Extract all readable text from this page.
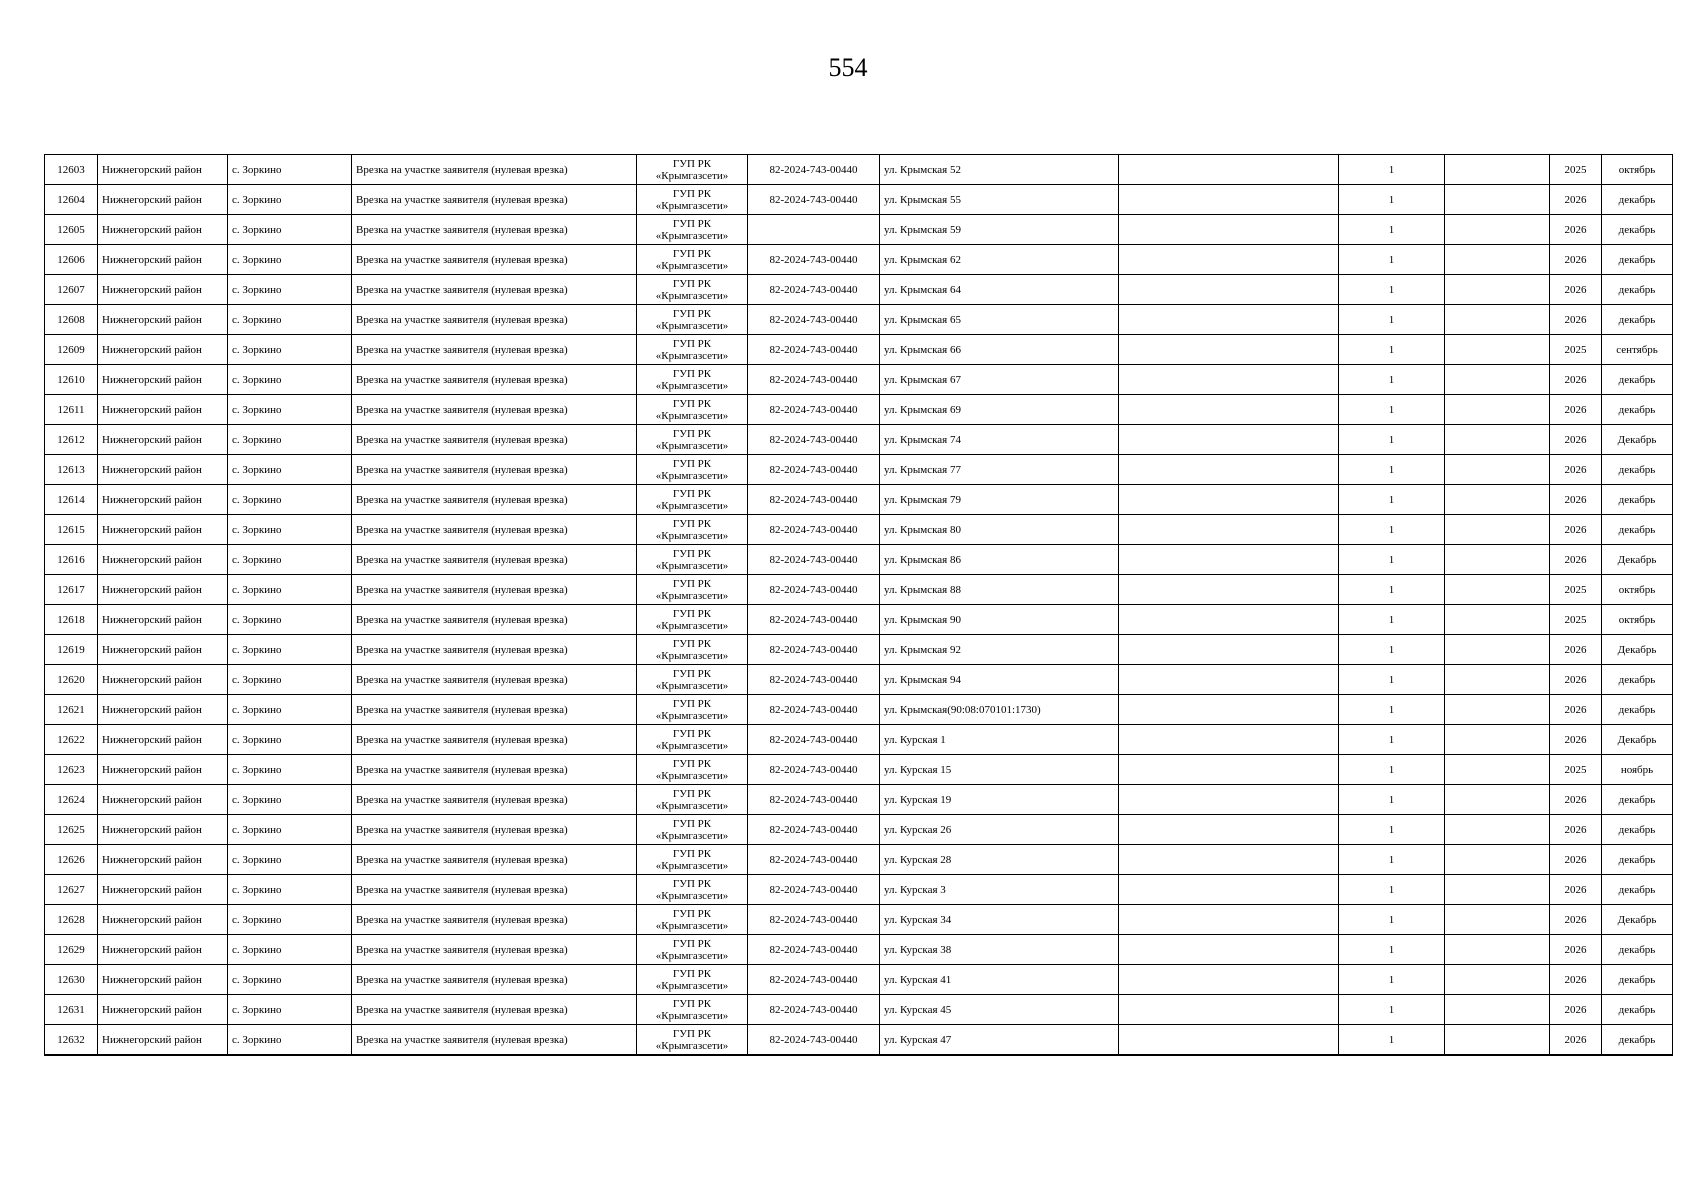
554
12603	Нижнегорский район	с. Зоркино	Врезка на участке заявителя (нулевая врезка)	ГУП РК «Крымгазсети»	82-2024-743-00440	ул. Крымская 52		1		2025	октябрь
12604	Нижнегорский район	с. Зоркино	Врезка на участке заявителя (нулевая врезка)	ГУП РК «Крымгазсети»	82-2024-743-00440	ул. Крымская 55		1		2026	декабрь
12605	Нижнегорский район	с. Зоркино	Врезка на участке заявителя (нулевая врезка)	ГУП РК «Крымгазсети»		ул. Крымская 59		1		2026	декабрь
12606	Нижнегорский район	с. Зоркино	Врезка на участке заявителя (нулевая врезка)	ГУП РК «Крымгазсети»	82-2024-743-00440	ул. Крымская 62		1		2026	декабрь
12607	Нижнегорский район	с. Зоркино	Врезка на участке заявителя (нулевая врезка)	ГУП РК «Крымгазсети»	82-2024-743-00440	ул. Крымская 64		1		2026	декабрь
12608	Нижнегорский район	с. Зоркино	Врезка на участке заявителя (нулевая врезка)	ГУП РК «Крымгазсети»	82-2024-743-00440	ул. Крымская 65		1		2026	декабрь
12609	Нижнегорский район	с. Зоркино	Врезка на участке заявителя (нулевая врезка)	ГУП РК «Крымгазсети»	82-2024-743-00440	ул. Крымская 66		1		2025	сентябрь
12610	Нижнегорский район	с. Зоркино	Врезка на участке заявителя (нулевая врезка)	ГУП РК «Крымгазсети»	82-2024-743-00440	ул. Крымская 67		1		2026	декабрь
12611	Нижнегорский район	с. Зоркино	Врезка на участке заявителя (нулевая врезка)	ГУП РК «Крымгазсети»	82-2024-743-00440	ул. Крымская 69		1		2026	декабрь
12612	Нижнегорский район	с. Зоркино	Врезка на участке заявителя (нулевая врезка)	ГУП РК «Крымгазсети»	82-2024-743-00440	ул. Крымская 74		1		2026	Декабрь
12613	Нижнегорский район	с. Зоркино	Врезка на участке заявителя (нулевая врезка)	ГУП РК «Крымгазсети»	82-2024-743-00440	ул. Крымская 77		1		2026	декабрь
12614	Нижнегорский район	с. Зоркино	Врезка на участке заявителя (нулевая врезка)	ГУП РК «Крымгазсети»	82-2024-743-00440	ул. Крымская 79		1		2026	декабрь
12615	Нижнегорский район	с. Зоркино	Врезка на участке заявителя (нулевая врезка)	ГУП РК «Крымгазсети»	82-2024-743-00440	ул. Крымская 80		1		2026	декабрь
12616	Нижнегорский район	с. Зоркино	Врезка на участке заявителя (нулевая врезка)	ГУП РК «Крымгазсети»	82-2024-743-00440	ул. Крымская 86		1		2026	Декабрь
12617	Нижнегорский район	с. Зоркино	Врезка на участке заявителя (нулевая врезка)	ГУП РК «Крымгазсети»	82-2024-743-00440	ул. Крымская 88		1		2025	октябрь
12618	Нижнегорский район	с. Зоркино	Врезка на участке заявителя (нулевая врезка)	ГУП РК «Крымгазсети»	82-2024-743-00440	ул. Крымская 90		1		2025	октябрь
12619	Нижнегорский район	с. Зоркино	Врезка на участке заявителя (нулевая врезка)	ГУП РК «Крымгазсети»	82-2024-743-00440	ул. Крымская 92		1		2026	Декабрь
12620	Нижнегорский район	с. Зоркино	Врезка на участке заявителя (нулевая врезка)	ГУП РК «Крымгазсети»	82-2024-743-00440	ул. Крымская 94		1		2026	декабрь
12621	Нижнегорский район	с. Зоркино	Врезка на участке заявителя (нулевая врезка)	ГУП РК «Крымгазсети»	82-2024-743-00440	ул. Крымская(90:08:070101:1730)		1		2026	декабрь
12622	Нижнегорский район	с. Зоркино	Врезка на участке заявителя (нулевая врезка)	ГУП РК «Крымгазсети»	82-2024-743-00440	ул. Курская 1		1		2026	Декабрь
12623	Нижнегорский район	с. Зоркино	Врезка на участке заявителя (нулевая врезка)	ГУП РК «Крымгазсети»	82-2024-743-00440	ул. Курская 15		1		2025	ноябрь
12624	Нижнегорский район	с. Зоркино	Врезка на участке заявителя (нулевая врезка)	ГУП РК «Крымгазсети»	82-2024-743-00440	ул. Курская 19		1		2026	декабрь
12625	Нижнегорский район	с. Зоркино	Врезка на участке заявителя (нулевая врезка)	ГУП РК «Крымгазсети»	82-2024-743-00440	ул. Курская 26		1		2026	декабрь
12626	Нижнегорский район	с. Зоркино	Врезка на участке заявителя (нулевая врезка)	ГУП РК «Крымгазсети»	82-2024-743-00440	ул. Курская 28		1		2026	декабрь
12627	Нижнегорский район	с. Зоркино	Врезка на участке заявителя (нулевая врезка)	ГУП РК «Крымгазсети»	82-2024-743-00440	ул. Курская 3		1		2026	декабрь
12628	Нижнегорский район	с. Зоркино	Врезка на участке заявителя (нулевая врезка)	ГУП РК «Крымгазсети»	82-2024-743-00440	ул. Курская 34		1		2026	Декабрь
12629	Нижнегорский район	с. Зоркино	Врезка на участке заявителя (нулевая врезка)	ГУП РК «Крымгазсети»	82-2024-743-00440	ул. Курская 38		1		2026	декабрь
12630	Нижнегорский район	с. Зоркино	Врезка на участке заявителя (нулевая врезка)	ГУП РК «Крымгазсети»	82-2024-743-00440	ул. Курская 41		1		2026	декабрь
12631	Нижнегорский район	с. Зоркино	Врезка на участке заявителя (нулевая врезка)	ГУП РК «Крымгазсети»	82-2024-743-00440	ул. Курская 45		1		2026	декабрь
12632	Нижнегорский район	с. Зоркино	Врезка на участке заявителя (нулевая врезка)	ГУП РК «Крымгазсети»	82-2024-743-00440	ул. Курская 47		1		2026	декабрь
